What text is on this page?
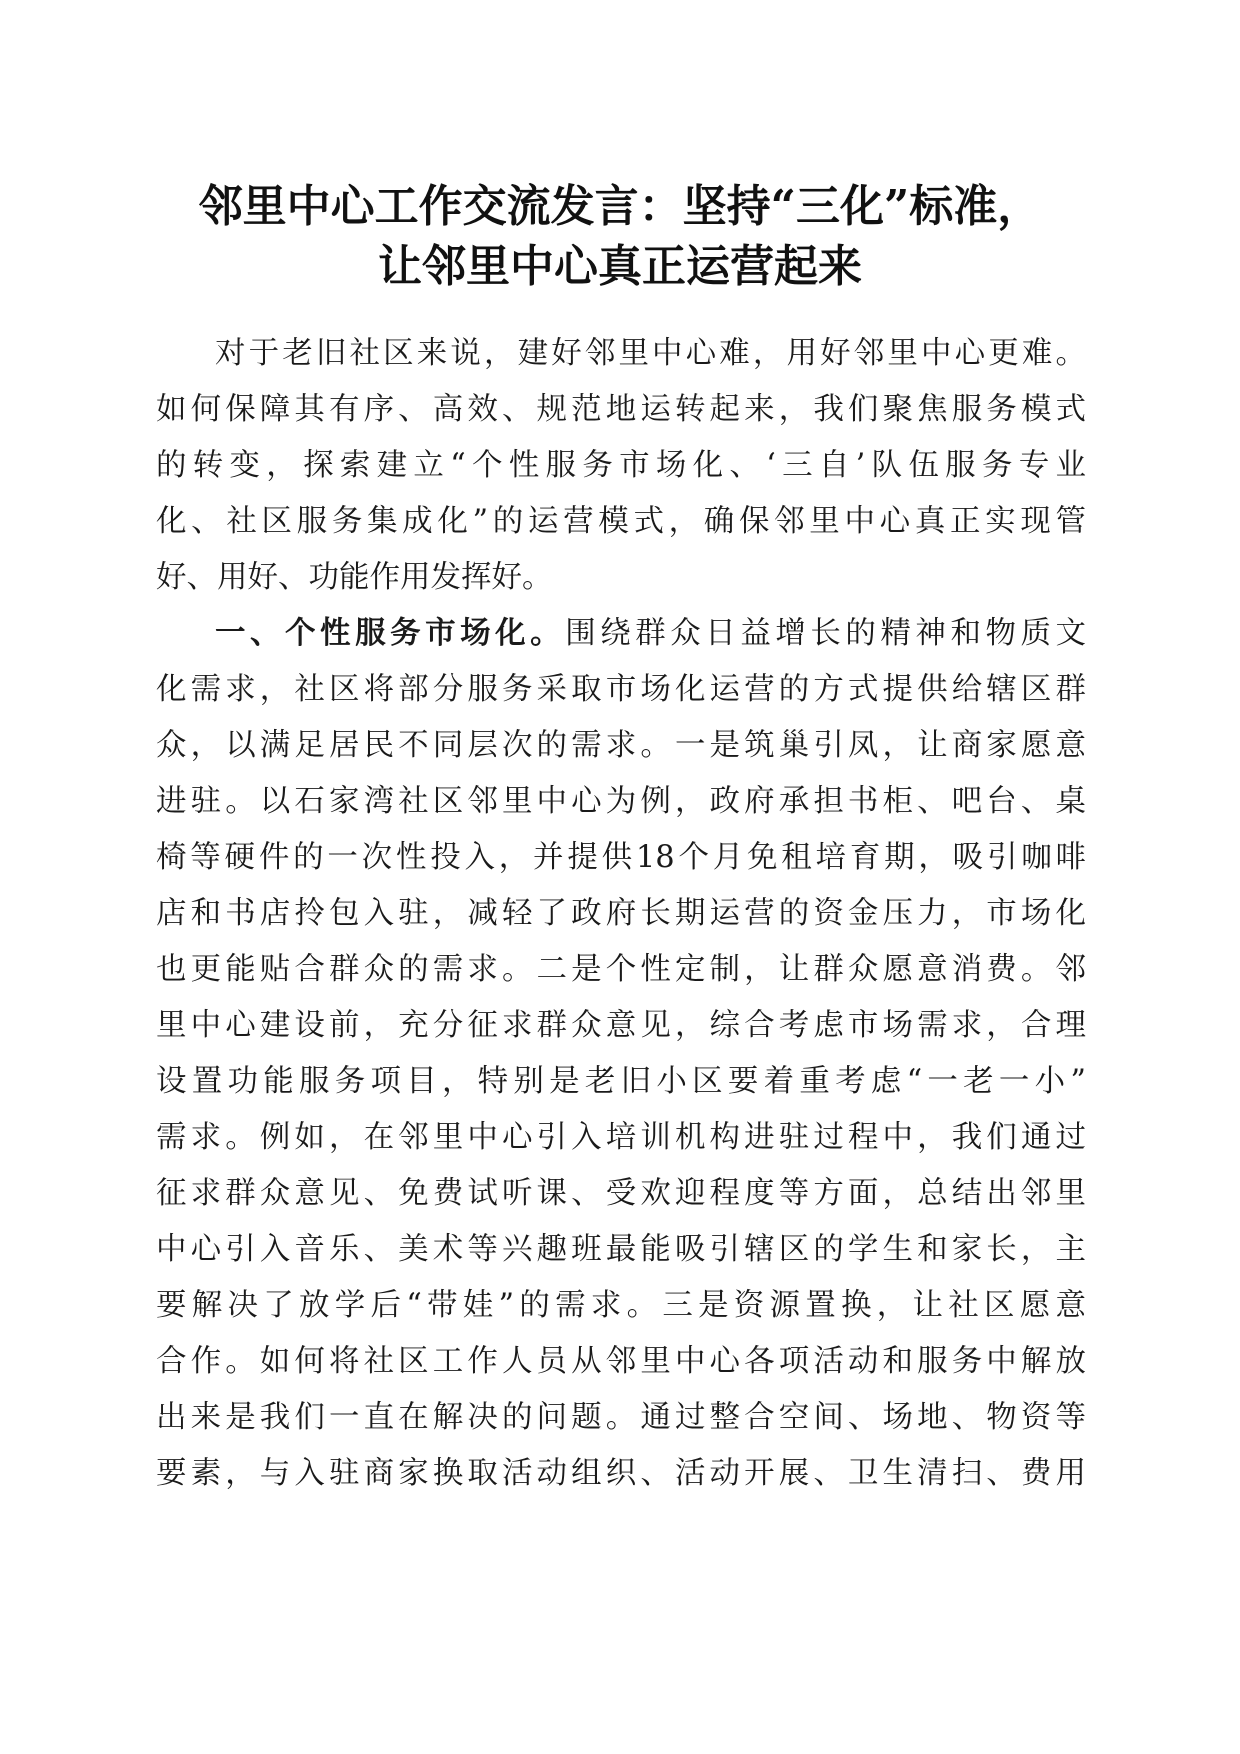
邻里中心工作交流发言：坚持“三化”标准，
让邻里中心真正运营起来
对于老旧社区来说，建好邻里中心难，用好邻里中心更难。
如何保障其有序、高效、规范地运转起来，我们聚焦服务模式
的转变，探索建立“个性服务市场化、‘三自’队伍服务专业
化、社区服务集成化”的运营模式，确保邻里中心真正实现管
好、用好、功能作用发挥好。
一、个性服务市场化。围绕群众日益增长的精神和物质文
化需求，社区将部分服务采取市场化运营的方式提供给辖区群
众，以满足居民不同层次的需求。一是筑巢引凤，让商家愿意
进驻。以石家湾社区邻里中心为例，政府承担书柜、吧台、桌
椅等硬件的一次性投入，并提供18个月免租培育期，吸引咖啡
店和书店拎包入驻，减轻了政府长期运营的资金压力，市场化
也更能贴合群众的需求。二是个性定制，让群众愿意消费。邻
里中心建设前，充分征求群众意见，综合考虑市场需求，合理
设置功能服务项目，特别是老旧小区要着重考虑“一老一小”
需求。例如，在邻里中心引入培训机构进驻过程中，我们通过
征求群众意见、免费试听课、受欢迎程度等方面，总结出邻里
中心引入音乐、美术等兴趣班最能吸引辖区的学生和家长，主
要解决了放学后“带娃”的需求。三是资源置换，让社区愿意
合作。如何将社区工作人员从邻里中心各项活动和服务中解放
出来是我们一直在解决的问题。通过整合空间、场地、物资等
要素，与入驻商家换取活动组织、活动开展、卫生清扫、费用
